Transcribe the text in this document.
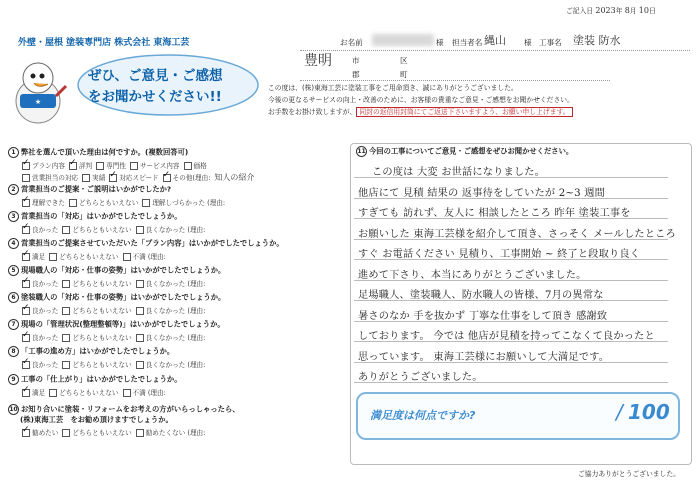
ご記入日 2023年 8月 10日
外壁・屋根 塗装専門店 株式会社 東海工芸
★
ぜひ、ご意見・ご感想
をお聞かせください!!
お名前	様 担当者名 縄山 様 工事名 塗装 防水
豊明	市	区
郡	町
この度は、(株)東海工芸に塗装工事をご用命頂き、誠にありがとうございました。
今後の更なるサービスの向上・改善のために、お客様の貴重なご意見・ご感想をお聞かせください。
お手数をお掛け致しますが、 同封の返信用封筒にてご返送下さいますよう、お願い申し上げます。
1 弊社を選んで頂いた理由は何ですか。(複数回答可)
✓プラン内容 ✓ 評判 専門性 サービス内容 価格
営業担当の対応 実績 ✓ 対応スピード ✓ その他(理由: 知人の紹介
2 営業担当のご提案・ご説明はいかがでしたか?
✓理解できた どちらともいえない 理解しづらかった (理由:
3 営業担当の「対応」はいかがでしたでしょうか。
✓良かった どちらともいえない 良くなかった (理由:
4 営業担当のご提案させていただいた「プラン内容」はいかがでしたでしょうか。
✓満足 どちらともいえない 不満 (理由:
5 現場職人の「対応・仕事の姿勢」はいかがでしたでしょうか。
✓良かった どちらともいえない 良くなかった (理由:
6 塗装職人の「対応・仕事の姿勢」はいかがでしたでしょうか。
✓良かった どちらともいえない 良くなかった (理由:
7 現場の「管理状況(整理整頓等)」はいかがでしたでしょうか。
✓良かった どちらともいえない 良くなかった (理由:
8 「工事の進め方」はいかがでしたでしょうか。
✓良かった どちらともいえない 良くなかった (理由:
9 工事の「仕上がり」はいかがでしたでしょうか。
✓満足 どちらともいえない 不満 (理由:
10 お知り合いに塗装・リフォームをお考えの方がいらっしゃったら、
(株)東海工芸　をお勧め頂けますでしょうか。
✓勧めたい どちらともいえない 勧めたくない (理由:
11 今回の工事についてご意見・ご感想をぜひお聞かせください。
この度は 大変 お世話になりました。
他店にて 見積 結果の 返事待をしていたが 2~3 週間
すぎても 訪れず、友人に 相談したところ 昨年 塗装工事を
お願いした 東海工芸様を紹介して頂き、さっそく メールしたところ
すぐ お電話ください 見積り、工事開始 ~ 終了と段取り良く
進めて下さり、本当にありがとうございました。
足場職人、塗装職人、防水職人の皆様、7月の異常な
暑さのなか 手を抜かず 丁寧な仕事をして頂き 感謝致
しております。 今では 他店が見積を持ってこなくて良かったと
思っています。 東海工芸様にお願いして大満足です。
ありがとうございました。
満足度は何点ですか?	/ 100
ご協力ありがとうございました。
